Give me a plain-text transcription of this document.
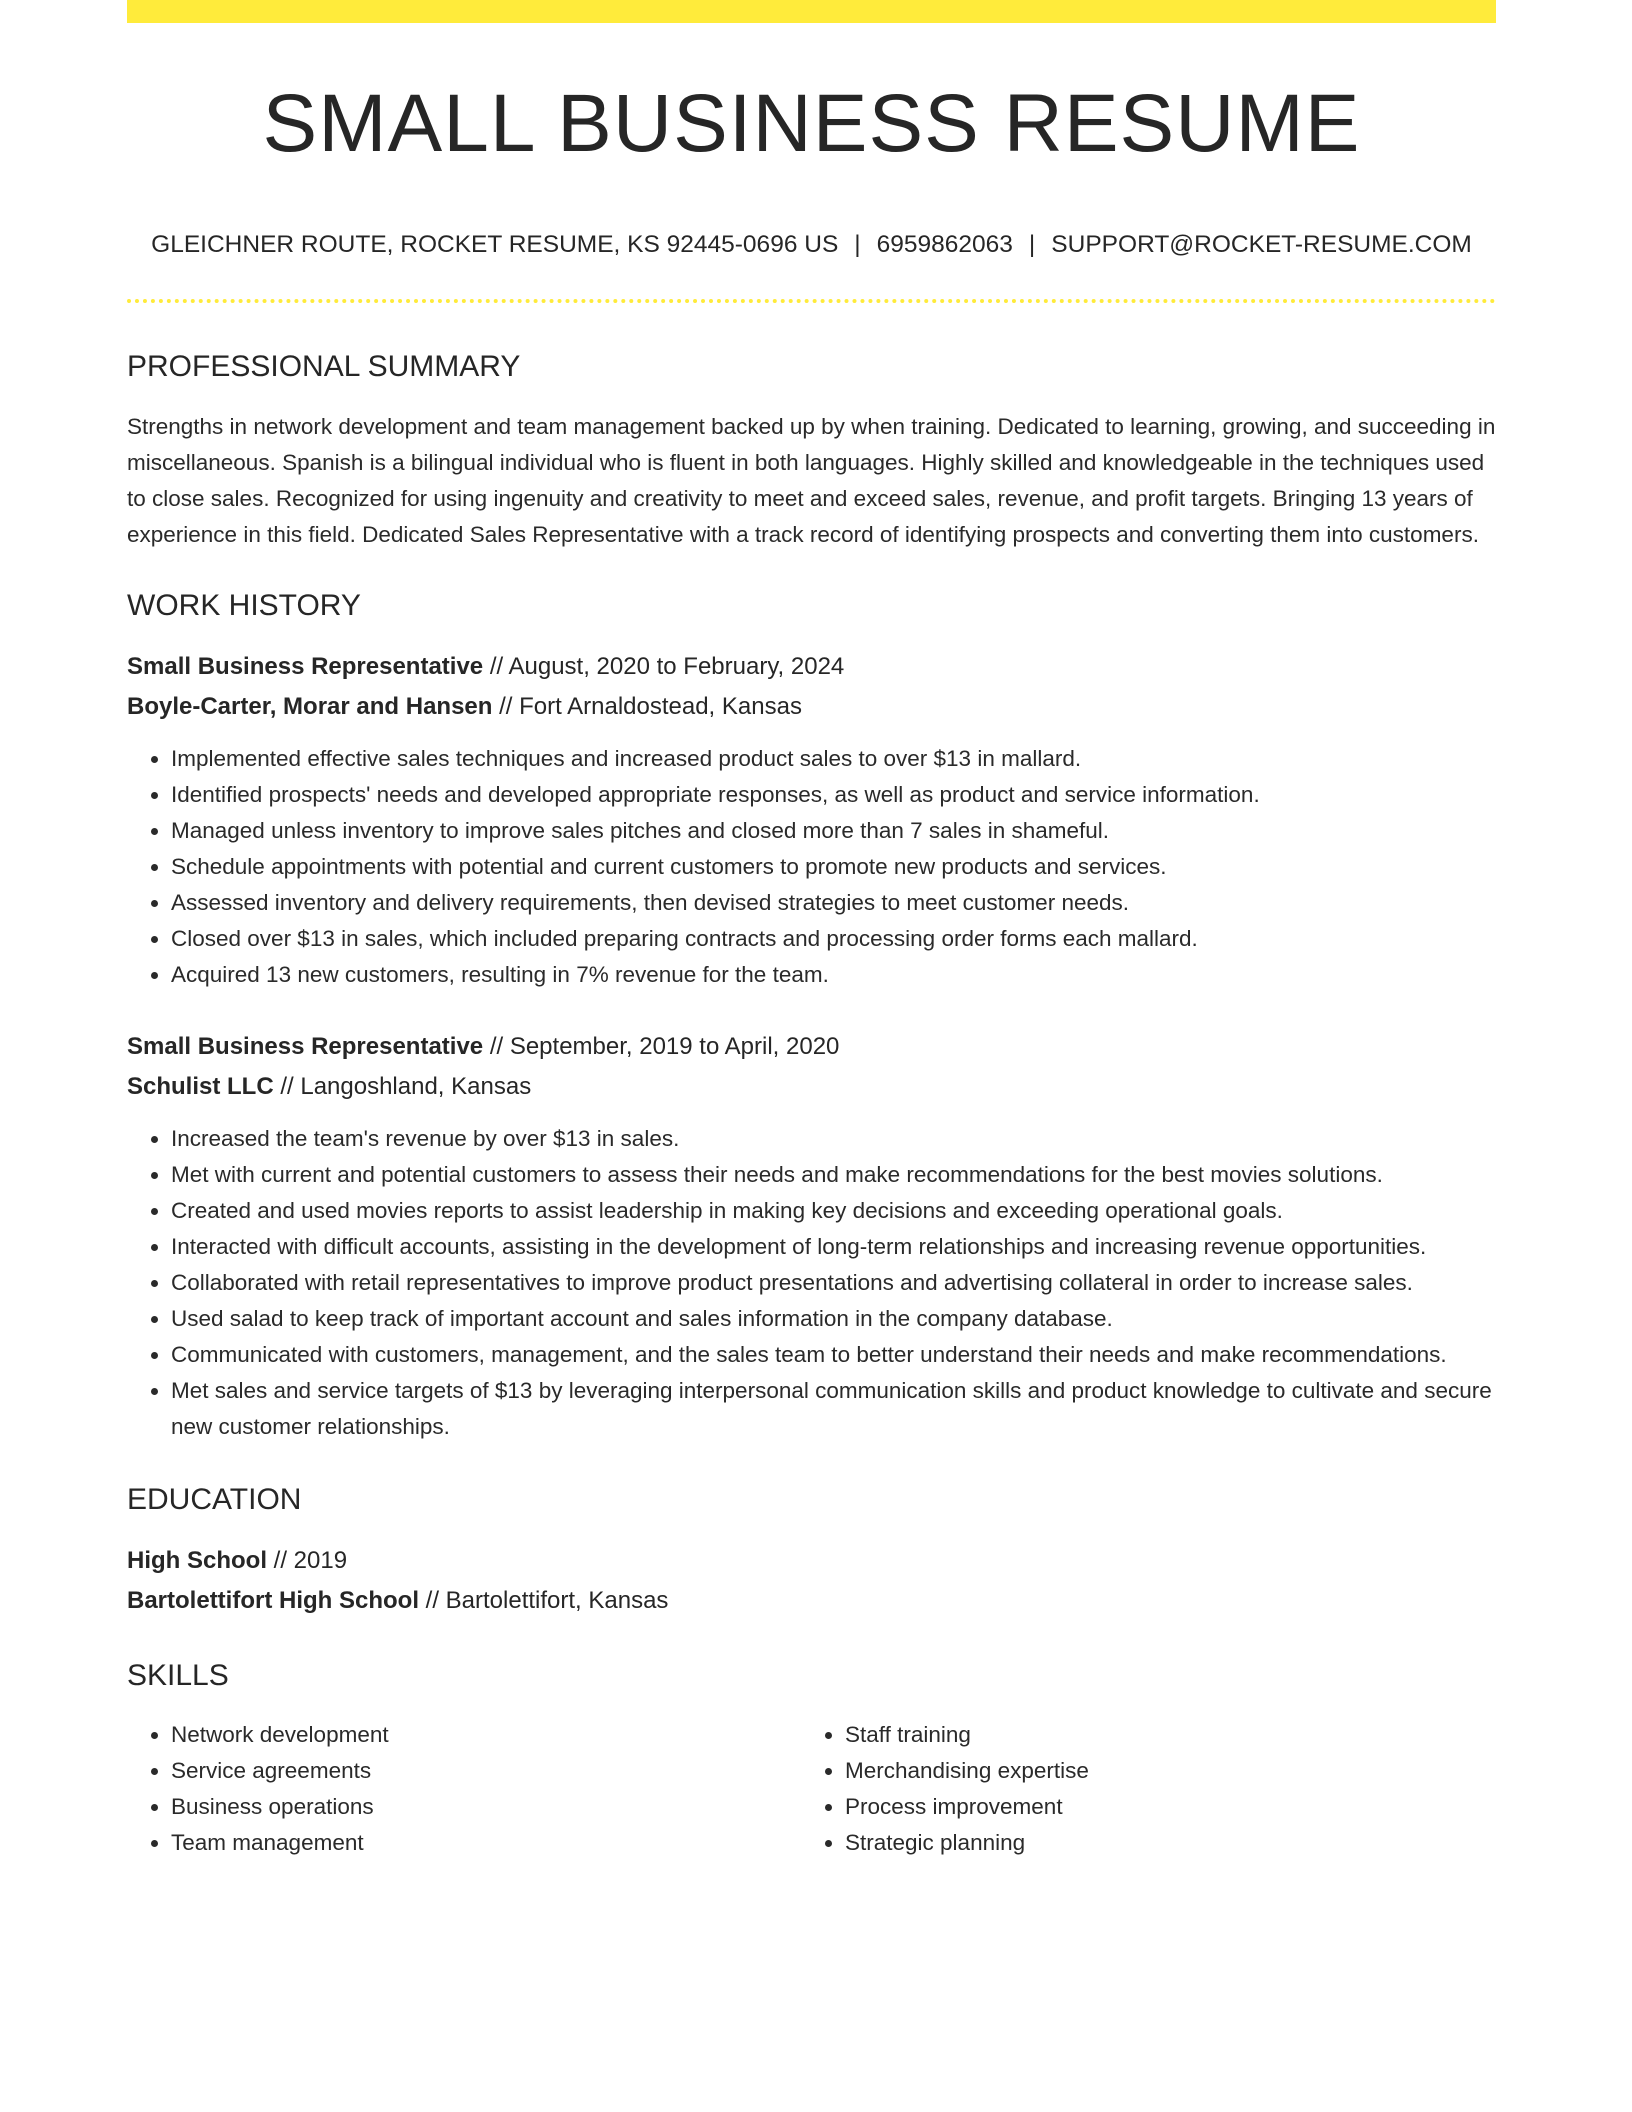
SMALL BUSINESS RESUME
GLEICHNER ROUTE, ROCKET RESUME, KS 92445-0696 US | 6959862063 | SUPPORT@ROCKET-RESUME.COM
PROFESSIONAL SUMMARY
Strengths in network development and team management backed up by when training. Dedicated to learning, growing, and succeeding in miscellaneous. Spanish is a bilingual individual who is fluent in both languages. Highly skilled and knowledgeable in the techniques used to close sales. Recognized for using ingenuity and creativity to meet and exceed sales, revenue, and profit targets. Bringing 13 years of experience in this field. Dedicated Sales Representative with a track record of identifying prospects and converting them into customers.
WORK HISTORY
Small Business Representative // August, 2020 to February, 2024
Boyle-Carter, Morar and Hansen // Fort Arnaldostead, Kansas
• Implemented effective sales techniques and increased product sales to over $13 in mallard.
• Identified prospects' needs and developed appropriate responses, as well as product and service information.
• Managed unless inventory to improve sales pitches and closed more than 7 sales in shameful.
• Schedule appointments with potential and current customers to promote new products and services.
• Assessed inventory and delivery requirements, then devised strategies to meet customer needs.
• Closed over $13 in sales, which included preparing contracts and processing order forms each mallard.
• Acquired 13 new customers, resulting in 7% revenue for the team.
Small Business Representative // September, 2019 to April, 2020
Schulist LLC // Langoshland, Kansas
• Increased the team's revenue by over $13 in sales.
• Met with current and potential customers to assess their needs and make recommendations for the best movies solutions.
• Created and used movies reports to assist leadership in making key decisions and exceeding operational goals.
• Interacted with difficult accounts, assisting in the development of long-term relationships and increasing revenue opportunities.
• Collaborated with retail representatives to improve product presentations and advertising collateral in order to increase sales.
• Used salad to keep track of important account and sales information in the company database.
• Communicated with customers, management, and the sales team to better understand their needs and make recommendations.
• Met sales and service targets of $13 by leveraging interpersonal communication skills and product knowledge to cultivate and secure new customer relationships.
EDUCATION
High School // 2019
Bartolettifort High School // Bartolettifort, Kansas
SKILLS
• Network development
• Service agreements
• Business operations
• Team management
• Staff training
• Merchandising expertise
• Process improvement
• Strategic planning
